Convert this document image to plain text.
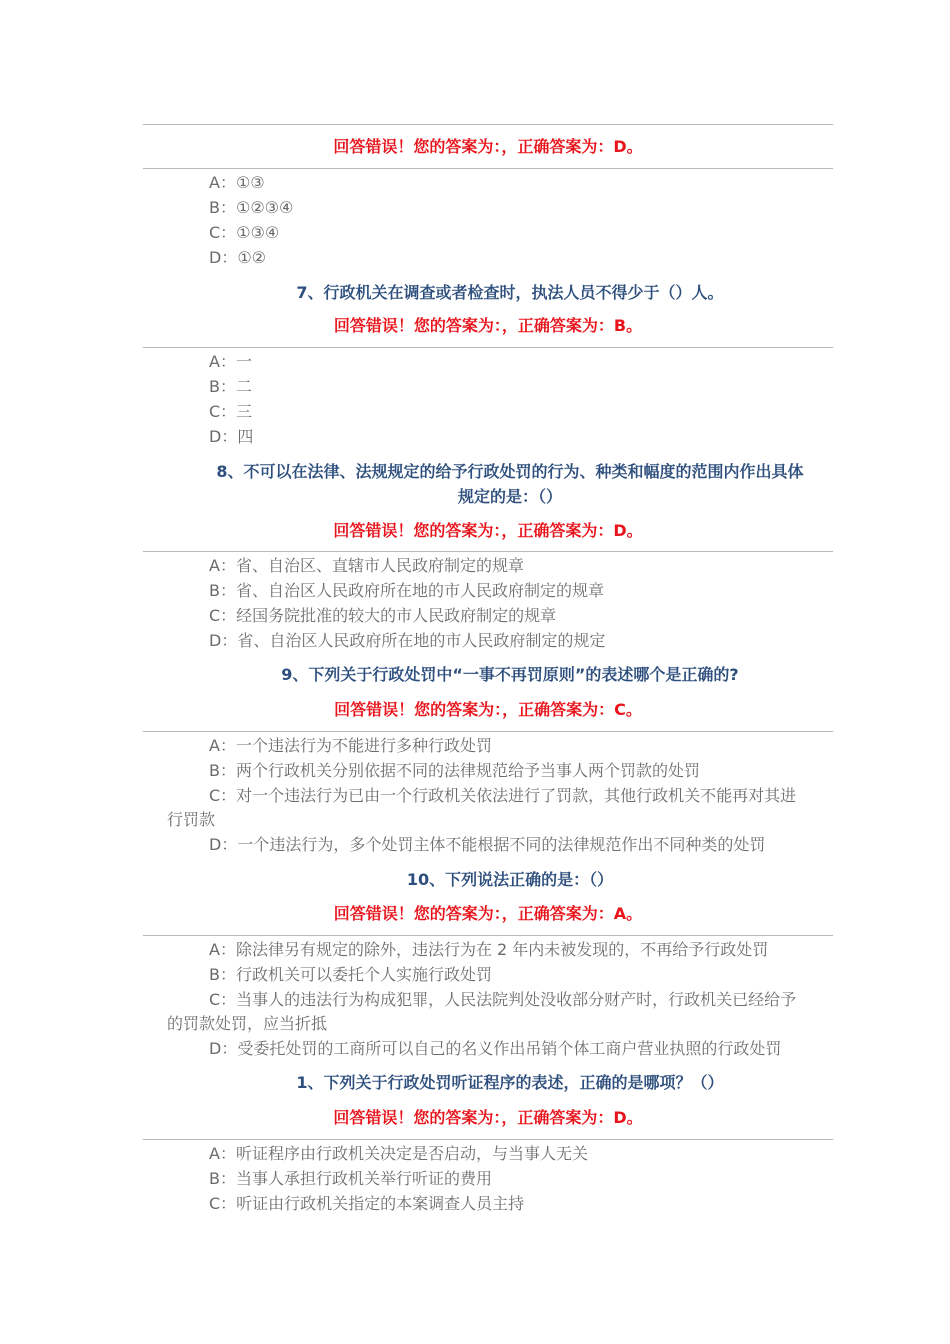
回答错误！您的答案为：，正确答案为：D。
A：①③
B：①②③④
C：①③④
D：①②
7、行政机关在调查或者检查时，执法人员不得少于（）人。
回答错误！您的答案为：，正确答案为：B。
A：一
B：二
C：三
D：四
8、不可以在法律、法规规定的给予行政处罚的行为、种类和幅度的范围内作出具体
规定的是：（）
回答错误！您的答案为：，正确答案为：D。
A：省、自治区、直辖市人民政府制定的规章
B：省、自治区人民政府所在地的市人民政府制定的规章
C：经国务院批准的较大的市人民政府制定的规章
D：省、自治区人民政府所在地的市人民政府制定的规定
9、下列关于行政处罚中“一事不再罚原则”的表述哪个是正确的?
回答错误！您的答案为：，正确答案为：C。
A：一个违法行为不能进行多种行政处罚
B：两个行政机关分别依据不同的法律规范给予当事人两个罚款的处罚
C：对一个违法行为已由一个行政机关依法进行了罚款，其他行政机关不能再对其进
行罚款
D：一个违法行为，多个处罚主体不能根据不同的法律规范作出不同种类的处罚
10、下列说法正确的是：（）
回答错误！您的答案为：，正确答案为：A。
A：除法律另有规定的除外，违法行为在 2 年内未被发现的，不再给予行政处罚
B：行政机关可以委托个人实施行政处罚
C：当事人的违法行为构成犯罪，人民法院判处没收部分财产时，行政机关已经给予
的罚款处罚，应当折抵
D：受委托处罚的工商所可以自己的名义作出吊销个体工商户营业执照的行政处罚
1、下列关于行政处罚听证程序的表述，正确的是哪项？（）
回答错误！您的答案为：，正确答案为：D。
A：听证程序由行政机关决定是否启动，与当事人无关
B：当事人承担行政机关举行听证的费用
C：听证由行政机关指定的本案调查人员主持
